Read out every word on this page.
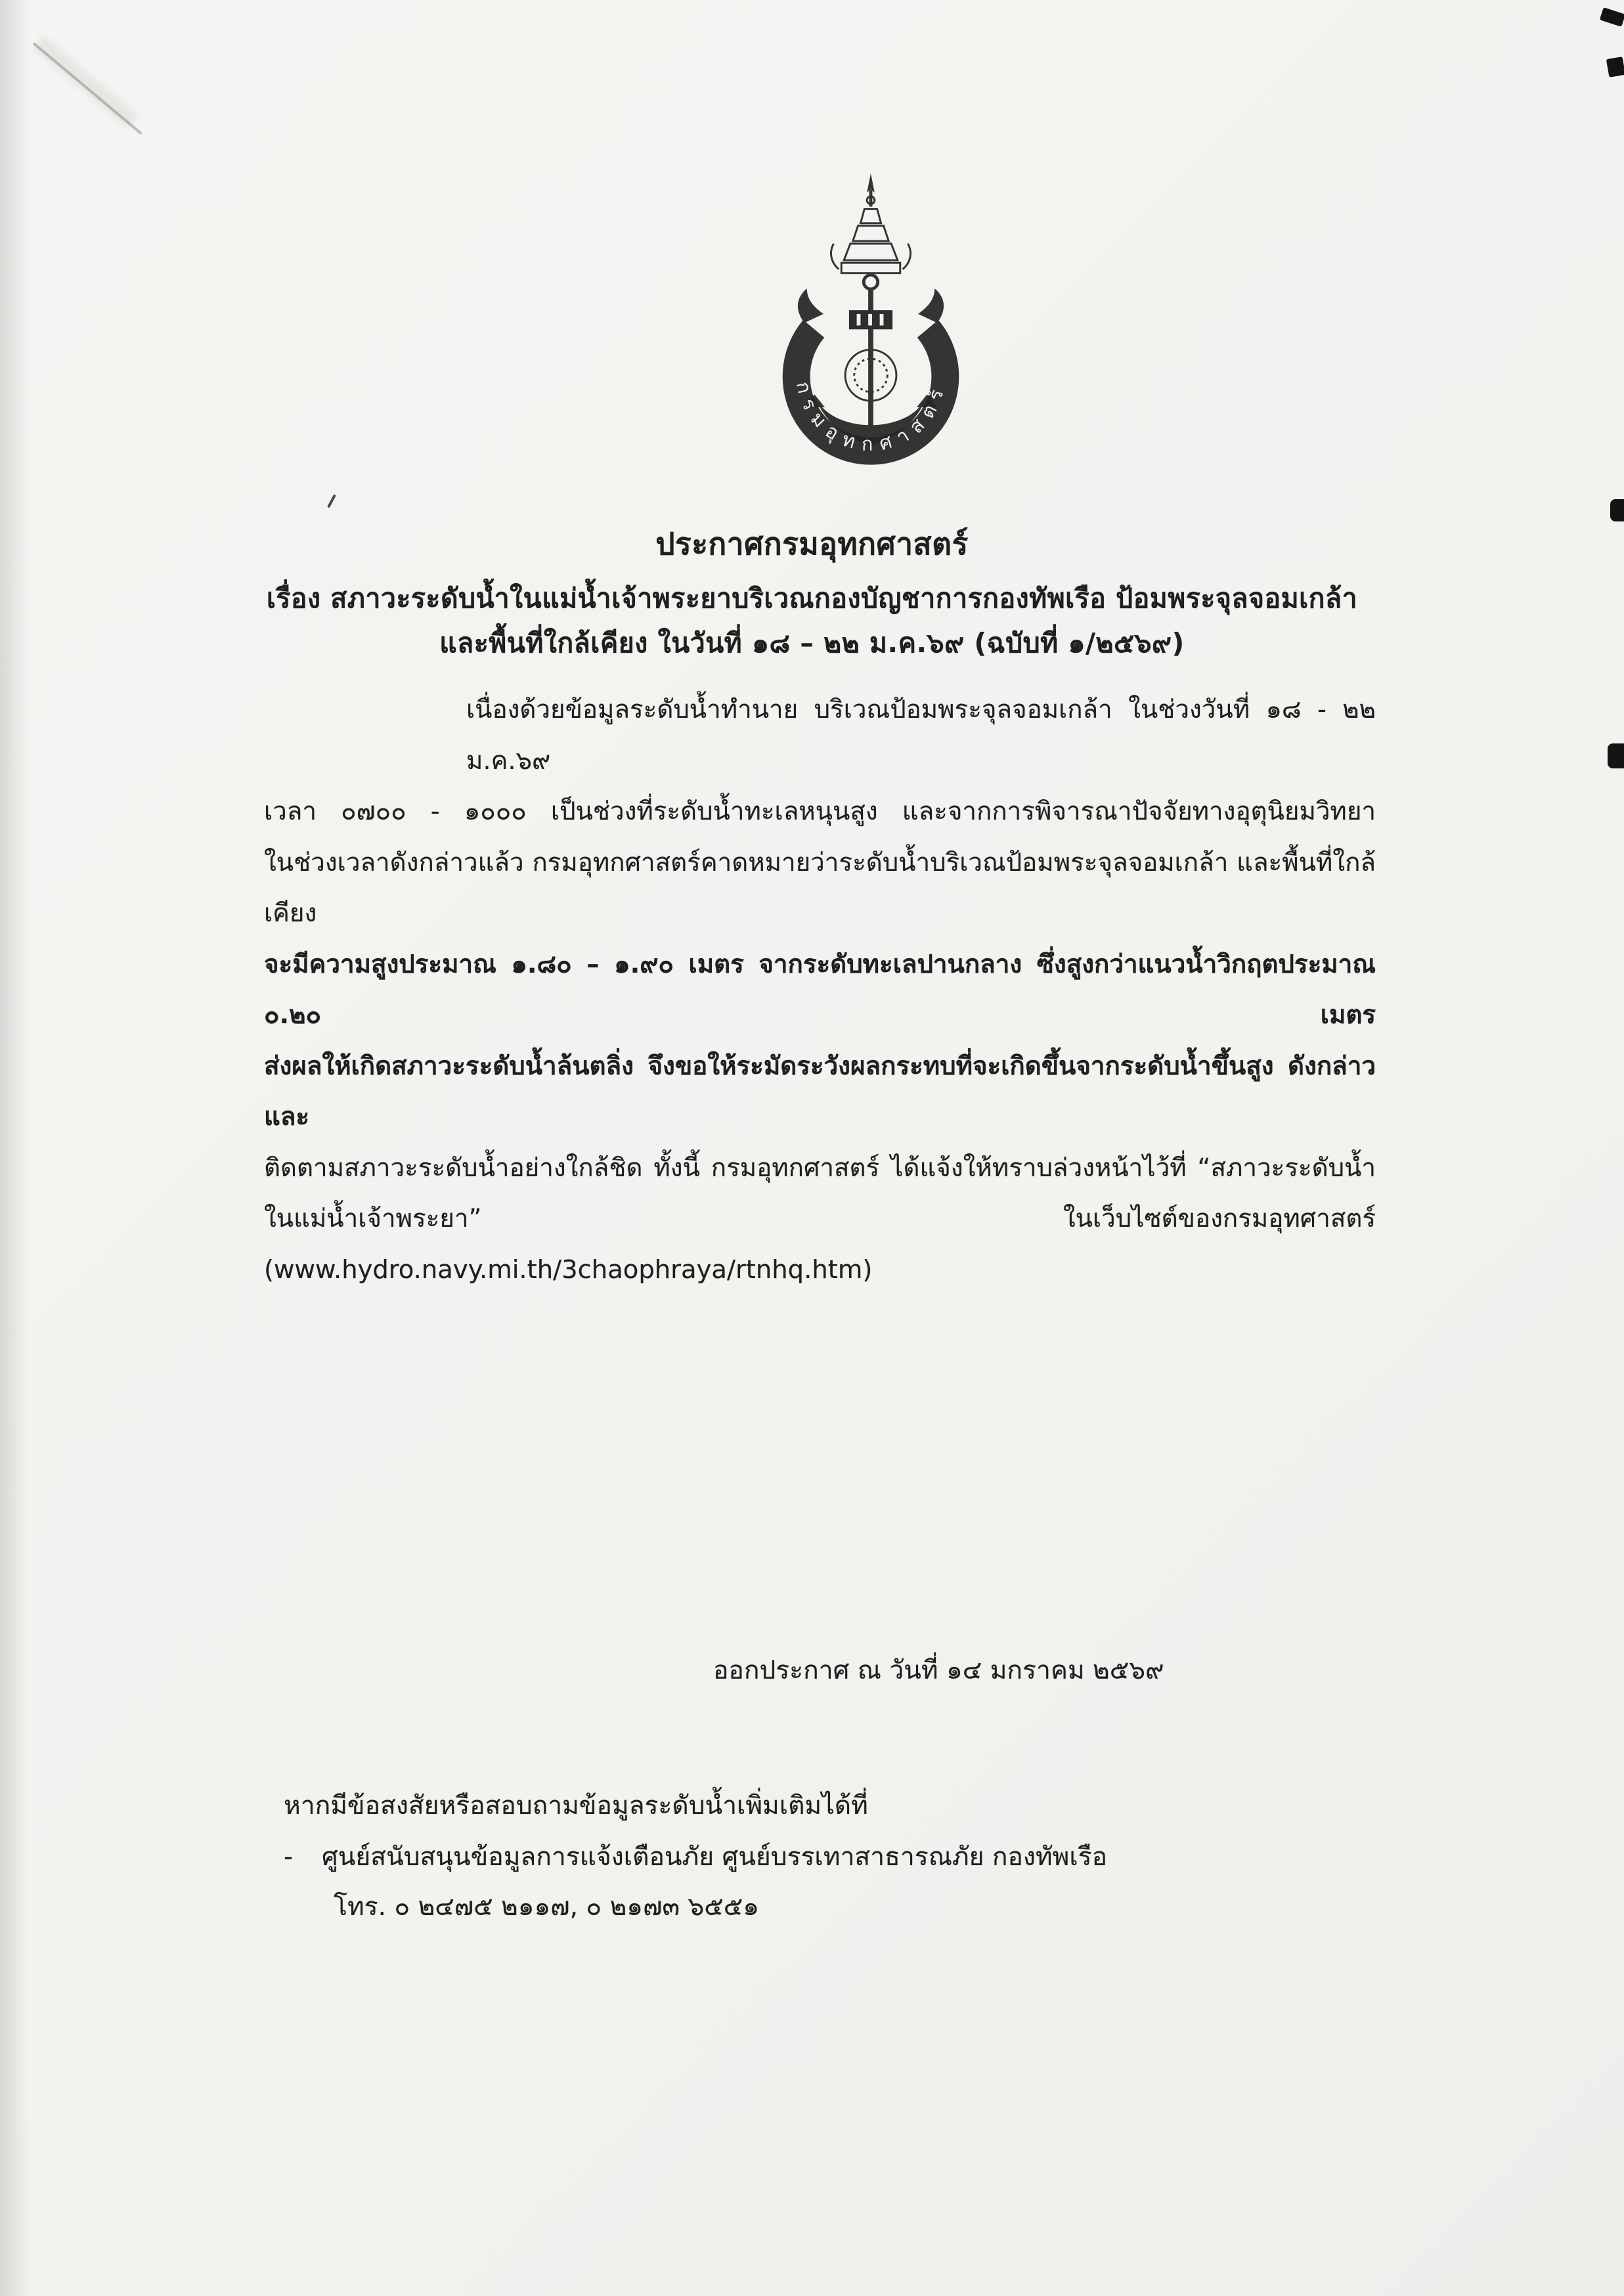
กรมอุทกศาสตร์
ประกาศกรมอุทกศาสตร์
เรื่อง สภาวะระดับน้ำในแม่น้ำเจ้าพระยาบริเวณกองบัญชาการกองทัพเรือ ป้อมพระจุลจอมเกล้า
และพื้นที่ใกล้เคียง ในวันที่ ๑๘ – ๒๒ ม.ค.๖๙ (ฉบับที่ ๑/๒๕๖๙)
เนื่องด้วยข้อมูลระดับน้ำทำนาย บริเวณป้อมพระจุลจอมเกล้า ในช่วงวันที่ ๑๘ - ๒๒ ม.ค.๖๙
เวลา ๐๗๐๐ - ๑๐๐๐ เป็นช่วงที่ระดับน้ำทะเลหนุนสูง และจากการพิจารณาปัจจัยทางอุตุนิยมวิทยา
ในช่วงเวลาดังกล่าวแล้ว กรมอุทกศาสตร์คาดหมายว่าระดับน้ำบริเวณป้อมพระจุลจอมเกล้า และพื้นที่ใกล้เคียง
จะมีความสูงประมาณ ๑.๘๐ – ๑.๙๐ เมตร จากระดับทะเลปานกลาง ซึ่งสูงกว่าแนวน้ำวิกฤตประมาณ ๐.๒๐ เมตร
ส่งผลให้เกิดสภาวะระดับน้ำล้นตลิ่ง จึงขอให้ระมัดระวังผลกระทบที่จะเกิดขึ้นจากระดับน้ำขึ้นสูง ดังกล่าว และ
ติดตามสภาวะระดับน้ำอย่างใกล้ชิด ทั้งนี้ กรมอุทกศาสตร์ ได้แจ้งให้ทราบล่วงหน้าไว้ที่ “สภาวะระดับน้ำ
ในแม่น้ำเจ้าพระยา” ในเว็บไซต์ของกรมอุทศาสตร์ (www.hydro.navy.mi.th/3chaophraya/rtnhq.htm)
ออกประกาศ ณ วันที่ ๑๔ มกราคม ๒๕๖๙
หากมีข้อสงสัยหรือสอบถามข้อมูลระดับน้ำเพิ่มเติมได้ที่
- ศูนย์สนับสนุนข้อมูลการแจ้งเตือนภัย ศูนย์บรรเทาสาธารณภัย กองทัพเรือ
โทร. ๐ ๒๔๗๕ ๒๑๑๗, ๐ ๒๑๗๓ ๖๕๕๑
